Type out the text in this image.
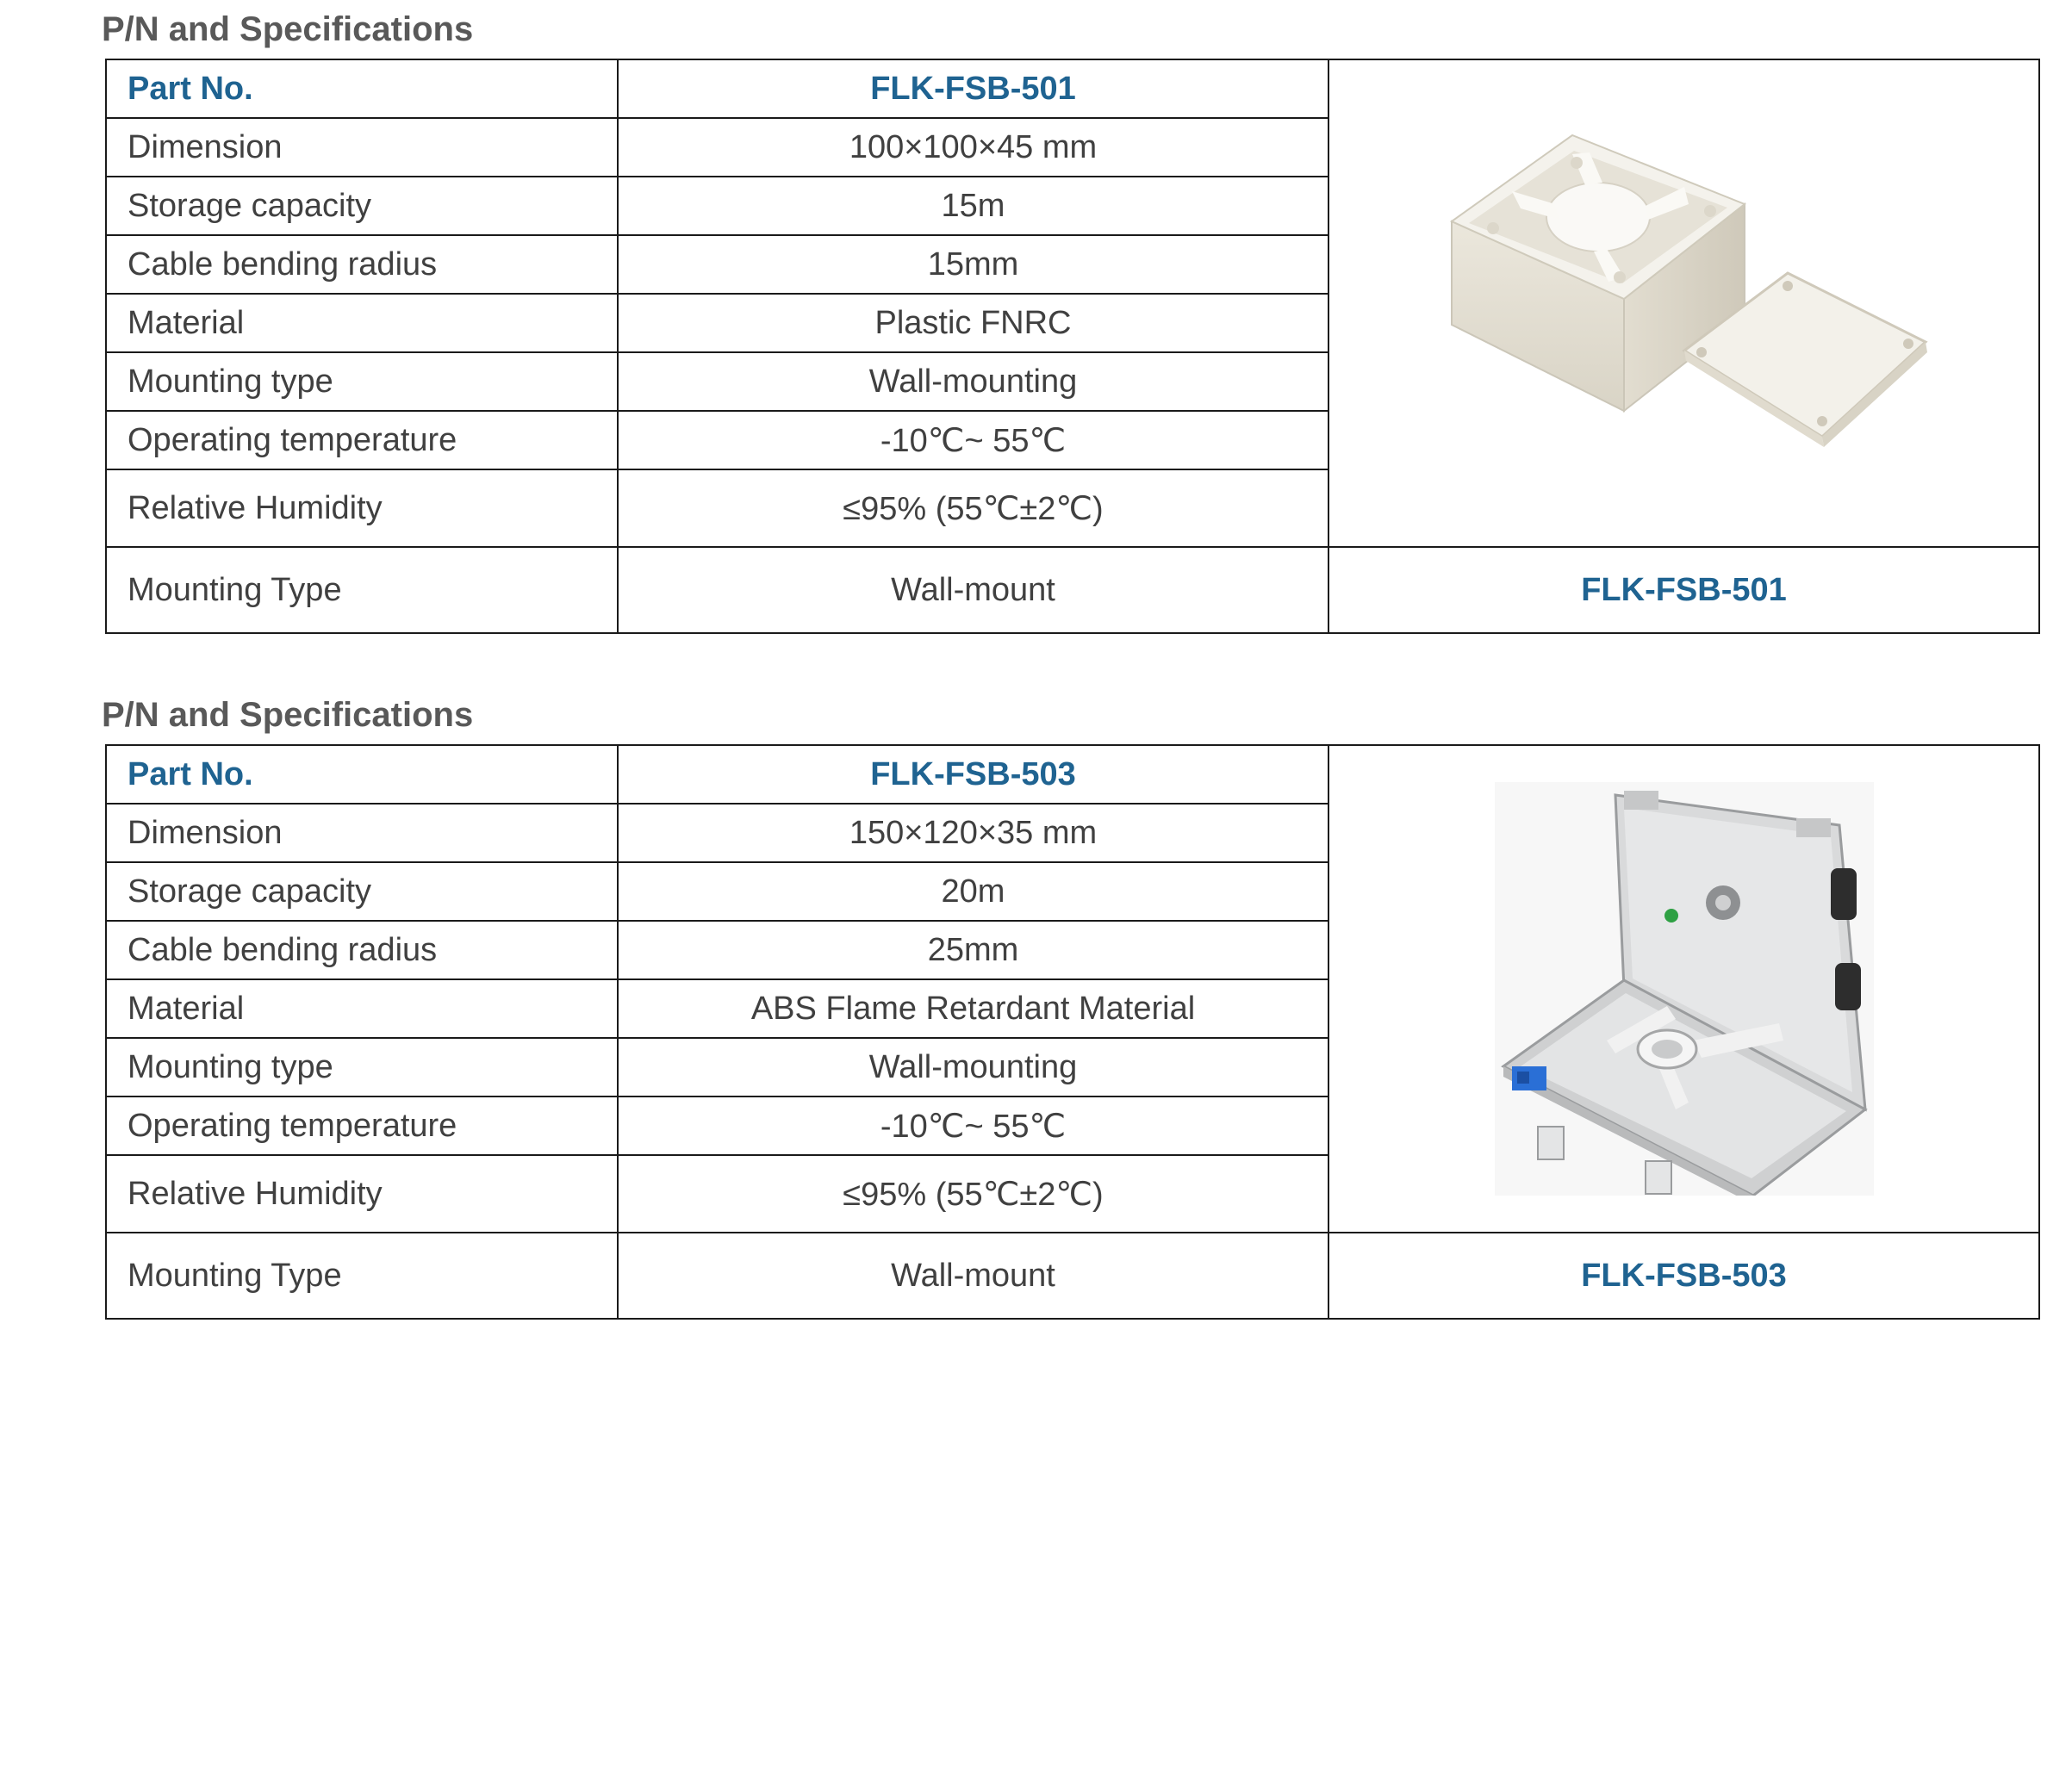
P/N and Specifications
Part No.	FLK-FSB-501	

Dimension	100×100×45 mm	
Storage capacity	15m	
Cable bending radius	15mm	
Material	Plastic FNRC	
Mounting type	Wall-mounting	
Operating temperature	-10℃~ 55℃	
Relative Humidity	≤95% (55℃±2℃)	
Mounting Type	Wall-mount	FLK-FSB-501
P/N and Specifications
Part No.	FLK-FSB-503	

Dimension	150×120×35 mm	
Storage capacity	20m	
Cable bending radius	25mm	
Material	ABS Flame Retardant Material	
Mounting type	Wall-mounting	
Operating temperature	-10℃~ 55℃	
Relative Humidity	≤95% (55℃±2℃)	
Mounting Type	Wall-mount	FLK-FSB-503
